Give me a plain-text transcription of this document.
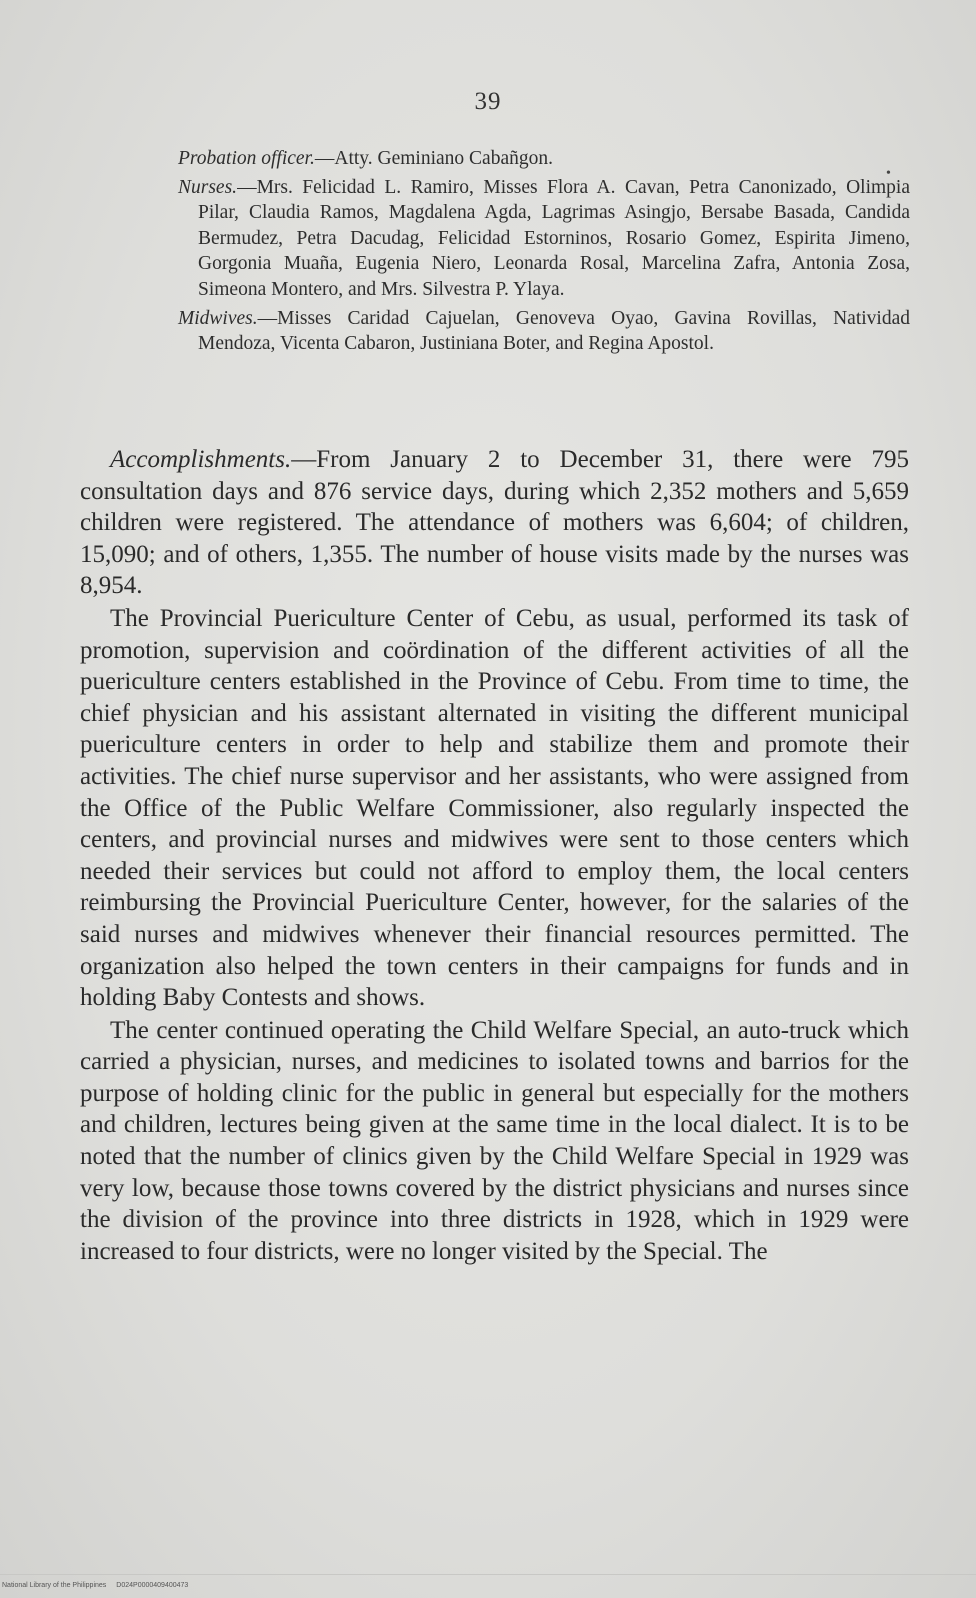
39
•

Probation officer.—Atty. Geminiano Cabañgon.

Nurses.—Mrs. Felicidad L. Ramiro, Misses Flora A. Cavan, Petra Canonizado, Olimpia Pilar, Claudia Ramos, Magdalena Agda, Lagrimas Asingjo, Bersabe Basada, Candida Bermudez, Petra Dacudag, Felicidad Estorninos, Rosario Gomez, Espirita Jimeno, Gorgonia Muaña, Eugenia Niero, Leonarda Rosal, Marcelina Zafra, Antonia Zosa, Simeona Montero, and Mrs. Silvestra P. Ylaya.

Midwives.—Misses Caridad Cajuelan, Genoveva Oyao, Gavina Rovillas, Natividad Mendoza, Vicenta Cabaron, Justiniana Boter, and Regina Apostol.

Accomplishments.—From January 2 to December 31, there were 795 consultation days and 876 service days, during which 2,352 mothers and 5,659 children were registered. The attendance of mothers was 6,604; of children, 15,090; and of others, 1,355. The number of house visits made by the nurses was 8,954.

The Provincial Puericulture Center of Cebu, as usual, performed its task of promotion, supervision and coördination of the different activities of all the puericulture centers established in the Province of Cebu. From time to time, the chief physician and his assistant alternated in visiting the different municipal puericulture centers in order to help and stabilize them and promote their activities. The chief nurse supervisor and her assistants, who were assigned from the Office of the Public Welfare Commissioner, also regularly inspected the centers, and provincial nurses and midwives were sent to those centers which needed their services but could not afford to employ them, the local centers reimbursing the Provincial Puericulture Center, however, for the salaries of the said nurses and midwives whenever their financial resources permitted. The organization also helped the town centers in their campaigns for funds and in holding Baby Contests and shows.

The center continued operating the Child Welfare Special, an auto-truck which carried a physician, nurses, and medicines to isolated towns and barrios for the purpose of holding clinic for the public in general but especially for the mothers and children, lectures being given at the same time in the local dialect. It is to be noted that the number of clinics given by the Child Welfare Special in 1929 was very low, because those towns covered by the district physicians and nurses since the division of the province into three districts in 1928, which in 1929 were increased to four districts, were no longer visited by the Special. The

National Library of the Philippines D024P0000409400473
